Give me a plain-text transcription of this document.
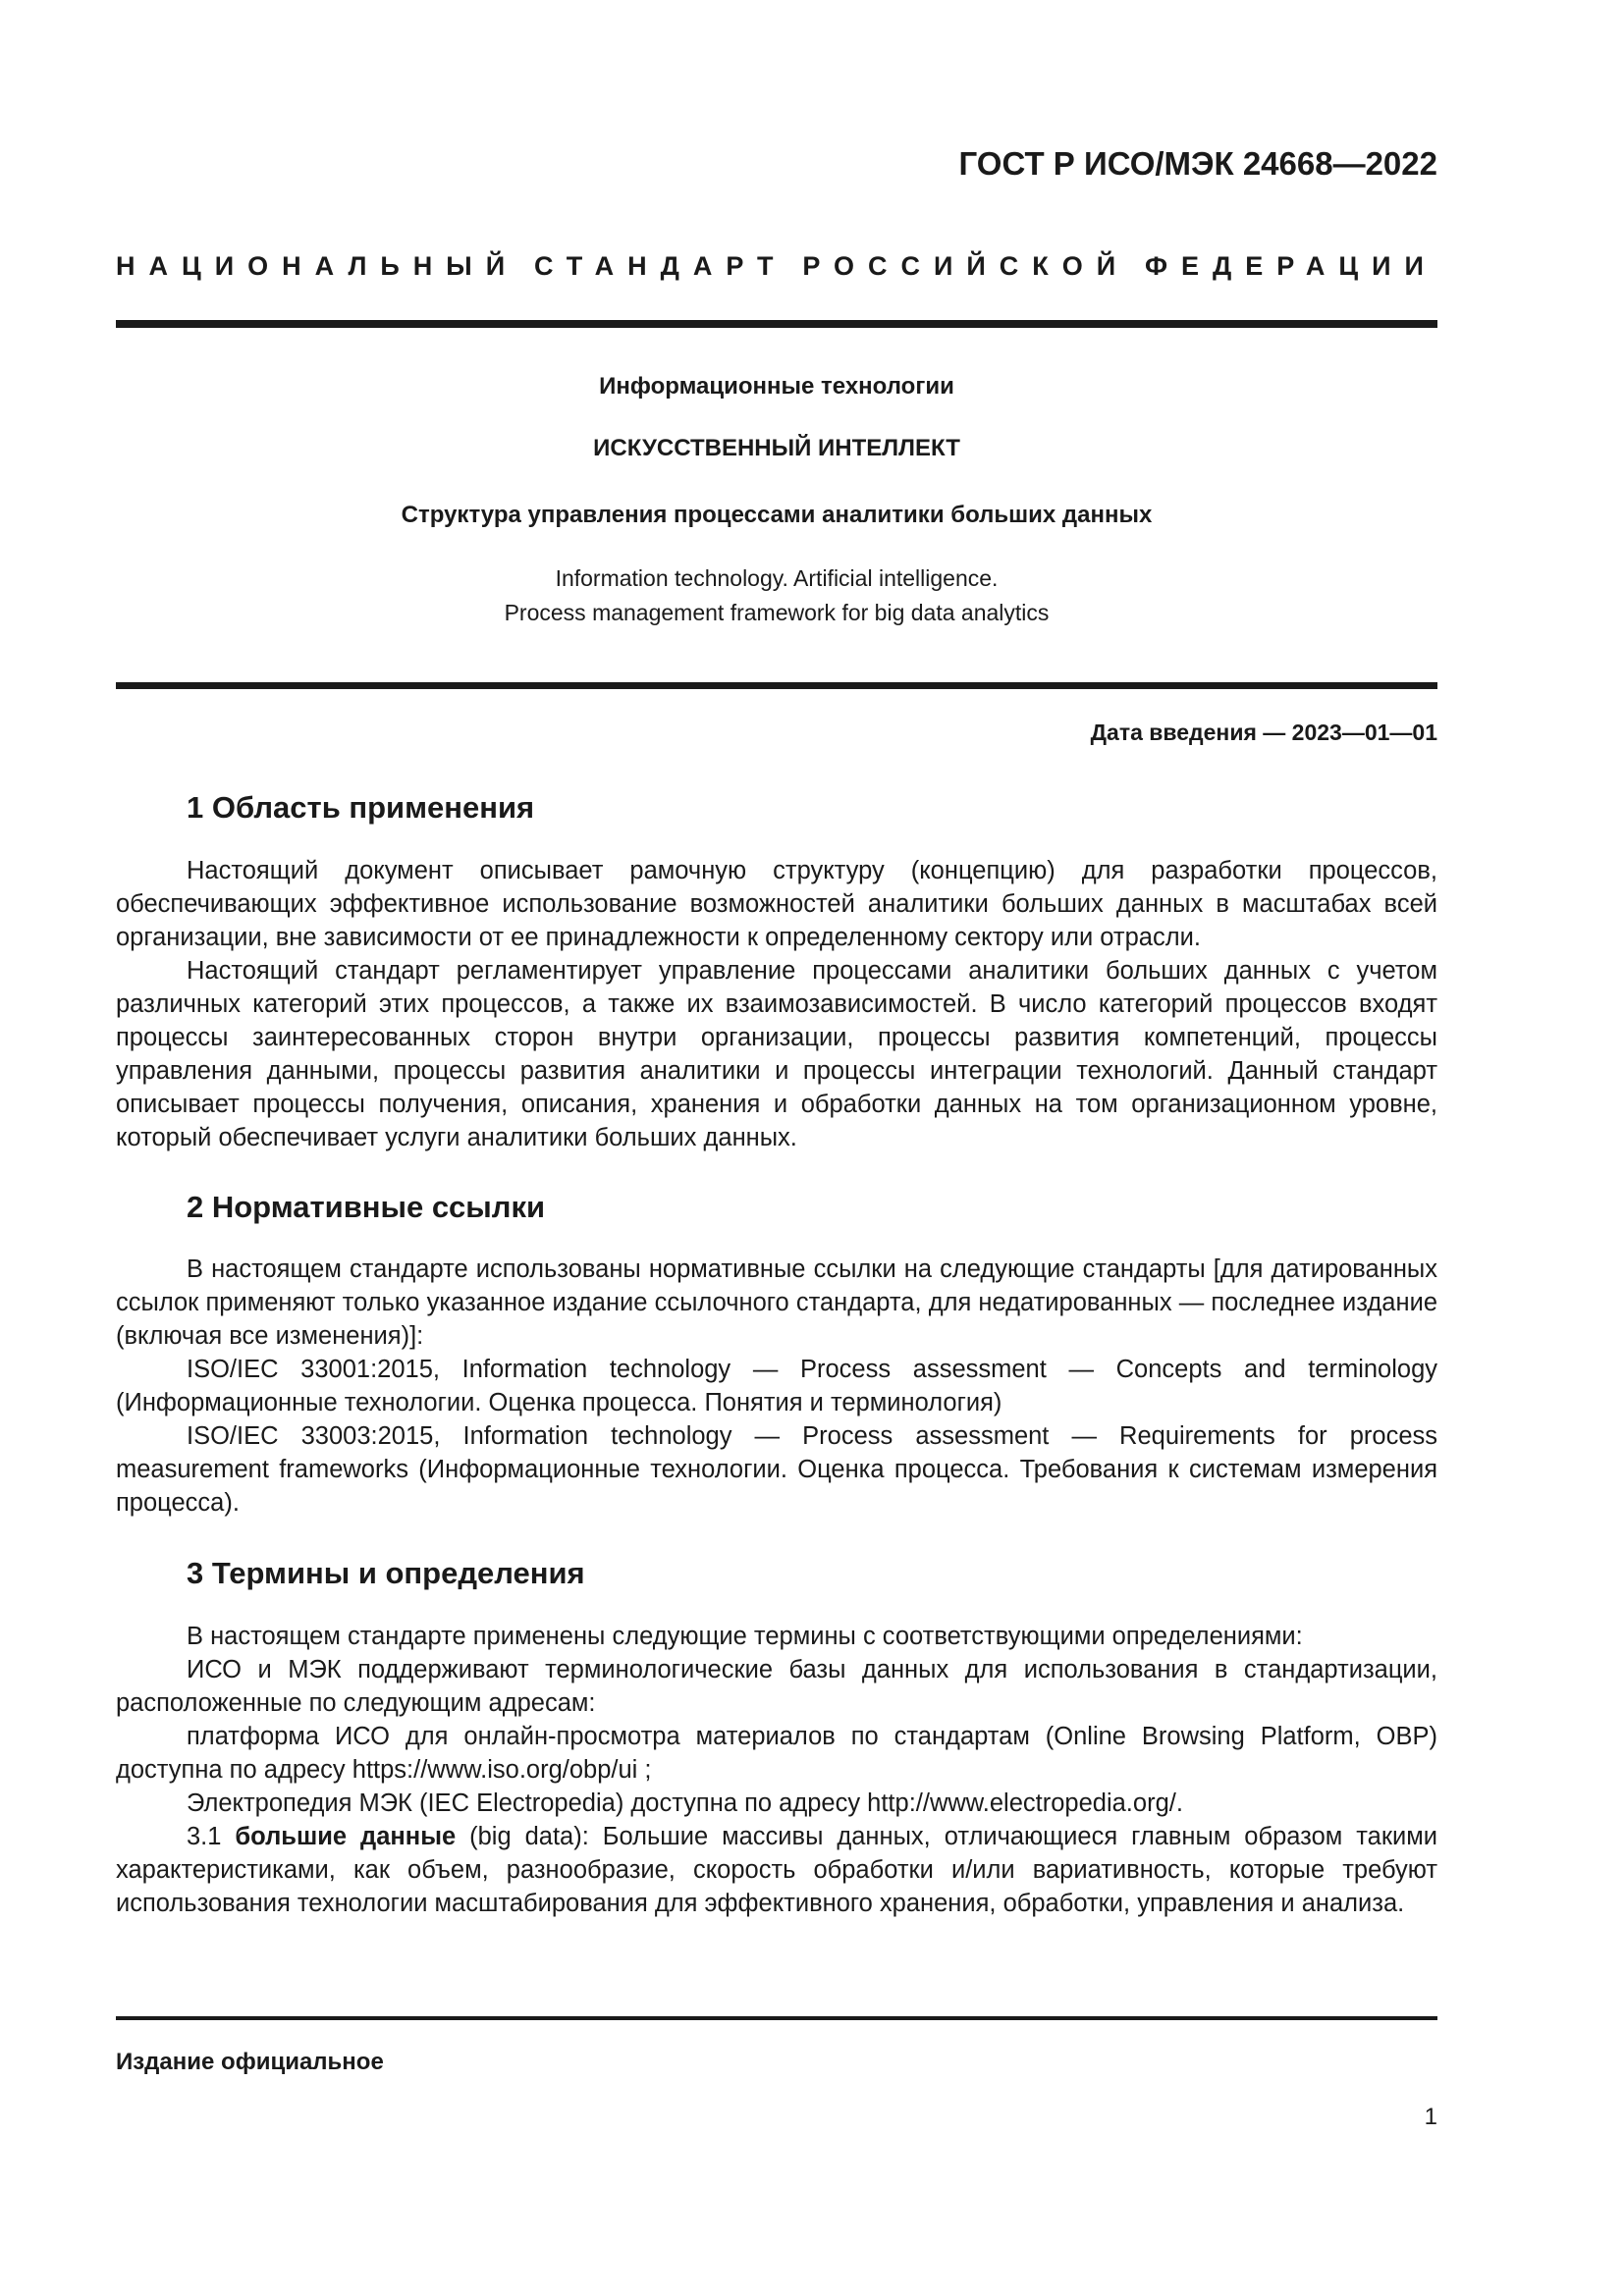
ГОСТ Р ИСО/МЭК 24668—2022

НАЦИОНАЛЬНЫЙ СТАНДАРТ РОССИЙСКОЙ ФЕДЕРАЦИИ

Информационные технологии

ИСКУССТВЕННЫЙ ИНТЕЛЛЕКТ

Структура управления процессами аналитики больших данных

Information technology. Artificial intelligence.
Process management framework for big data analytics

Дата введения — 2023—01—01

1 Область применения

Настоящий документ описывает рамочную структуру (концепцию) для разработки процессов, обеспечивающих эффективное использование возможностей аналитики больших данных в масштабах всей организации, вне зависимости от ее принадлежности к определенному сектору или отрасли.

Настоящий стандарт регламентирует управление процессами аналитики больших данных с учетом различных категорий этих процессов, а также их взаимозависимостей. В число категорий процессов входят процессы заинтересованных сторон внутри организации, процессы развития компетенций, процессы управления данными, процессы развития аналитики и процессы интеграции технологий. Данный стандарт описывает процессы получения, описания, хранения и обработки данных на том организационном уровне, который обеспечивает услуги аналитики больших данных.

2 Нормативные ссылки

В настоящем стандарте использованы нормативные ссылки на следующие стандарты [для датированных ссылок применяют только указанное издание ссылочного стандарта, для недатированных — последнее издание (включая все изменения)]:

ISO/IEC 33001:2015, Information technology — Process assessment — Concepts and terminology (Информационные технологии. Оценка процесса. Понятия и терминология)

ISO/IEC 33003:2015, Information technology — Process assessment — Requirements for process measurement frameworks (Информационные технологии. Оценка процесса. Требования к системам измерения процесса).

3 Термины и определения

В настоящем стандарте применены следующие термины с соответствующими определениями:

ИСО и МЭК поддерживают терминологические базы данных для использования в стандартизации, расположенные по следующим адресам:

платформа ИСО для онлайн-просмотра материалов по стандартам (Online Browsing Platform, OBP) доступна по адресу https://www.iso.org/obp/ui ;

Электропедия МЭК (IEC Electropedia) доступна по адресу http://www.electropedia.org/.

3.1 большие данные (big data): Большие массивы данных, отличающиеся главным образом такими характеристиками, как объем, разнообразие, скорость обработки и/или вариативность, которые требуют использования технологии масштабирования для эффективного хранения, обработки, управления и анализа.

Издание официальное

1
